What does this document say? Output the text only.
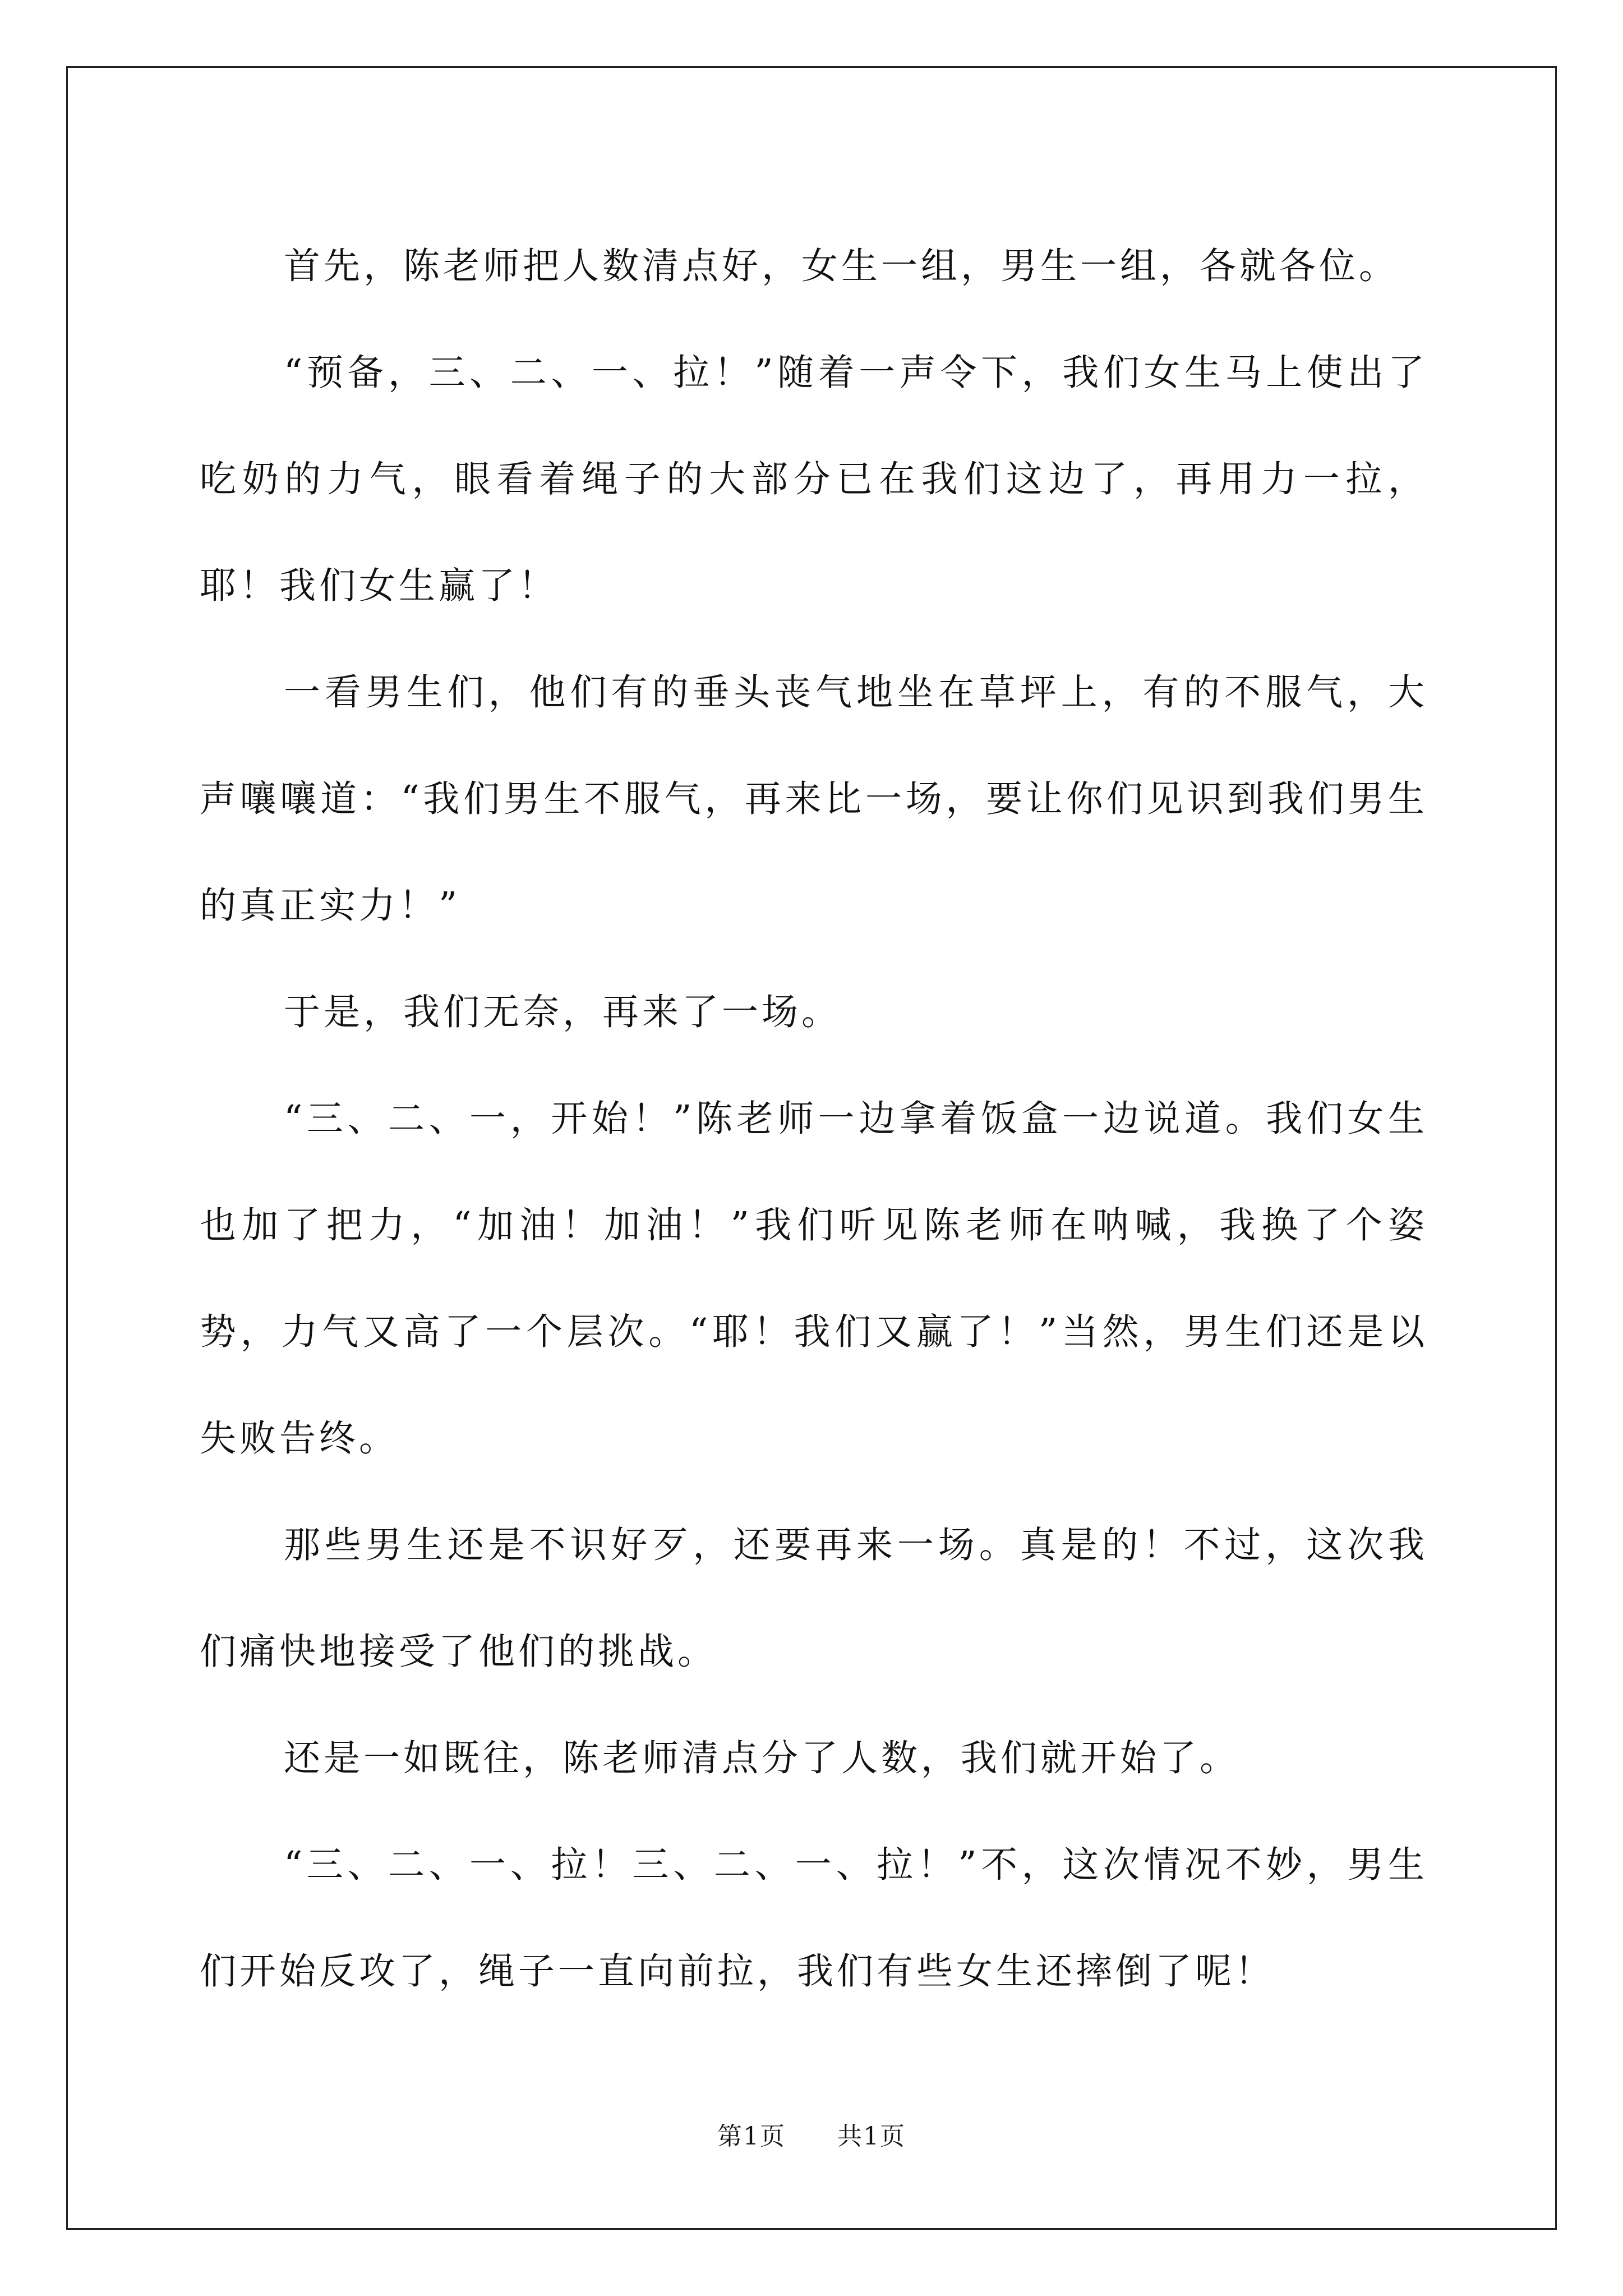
首先，陈老师把人数清点好，女生一组，男生一组，各就各位。

“预备，三、二、一、拉！”随着一声令下，我们女生马上使出了吃奶的力气，眼看着绳子的大部分已在我们这边了，再用力一拉，耶！我们女生赢了！

一看男生们，他们有的垂头丧气地坐在草坪上，有的不服气，大声嚷嚷道：“我们男生不服气，再来比一场，要让你们见识到我们男生的真正实力！”

于是，我们无奈，再来了一场。

“三、二、一，开始！”陈老师一边拿着饭盒一边说道。我们女生也加了把力，“加油！加油！”我们听见陈老师在呐喊，我换了个姿势，力气又高了一个层次。“耶！我们又赢了！”当然，男生们还是以失败告终。

那些男生还是不识好歹，还要再来一场。真是的！不过，这次我们痛快地接受了他们的挑战。

还是一如既往，陈老师清点分了人数，我们就开始了。

“三、二、一、拉！三、二、一、拉！”不，这次情况不妙，男生们开始反攻了，绳子一直向前拉，我们有些女生还摔倒了呢！

第1页 共1页
